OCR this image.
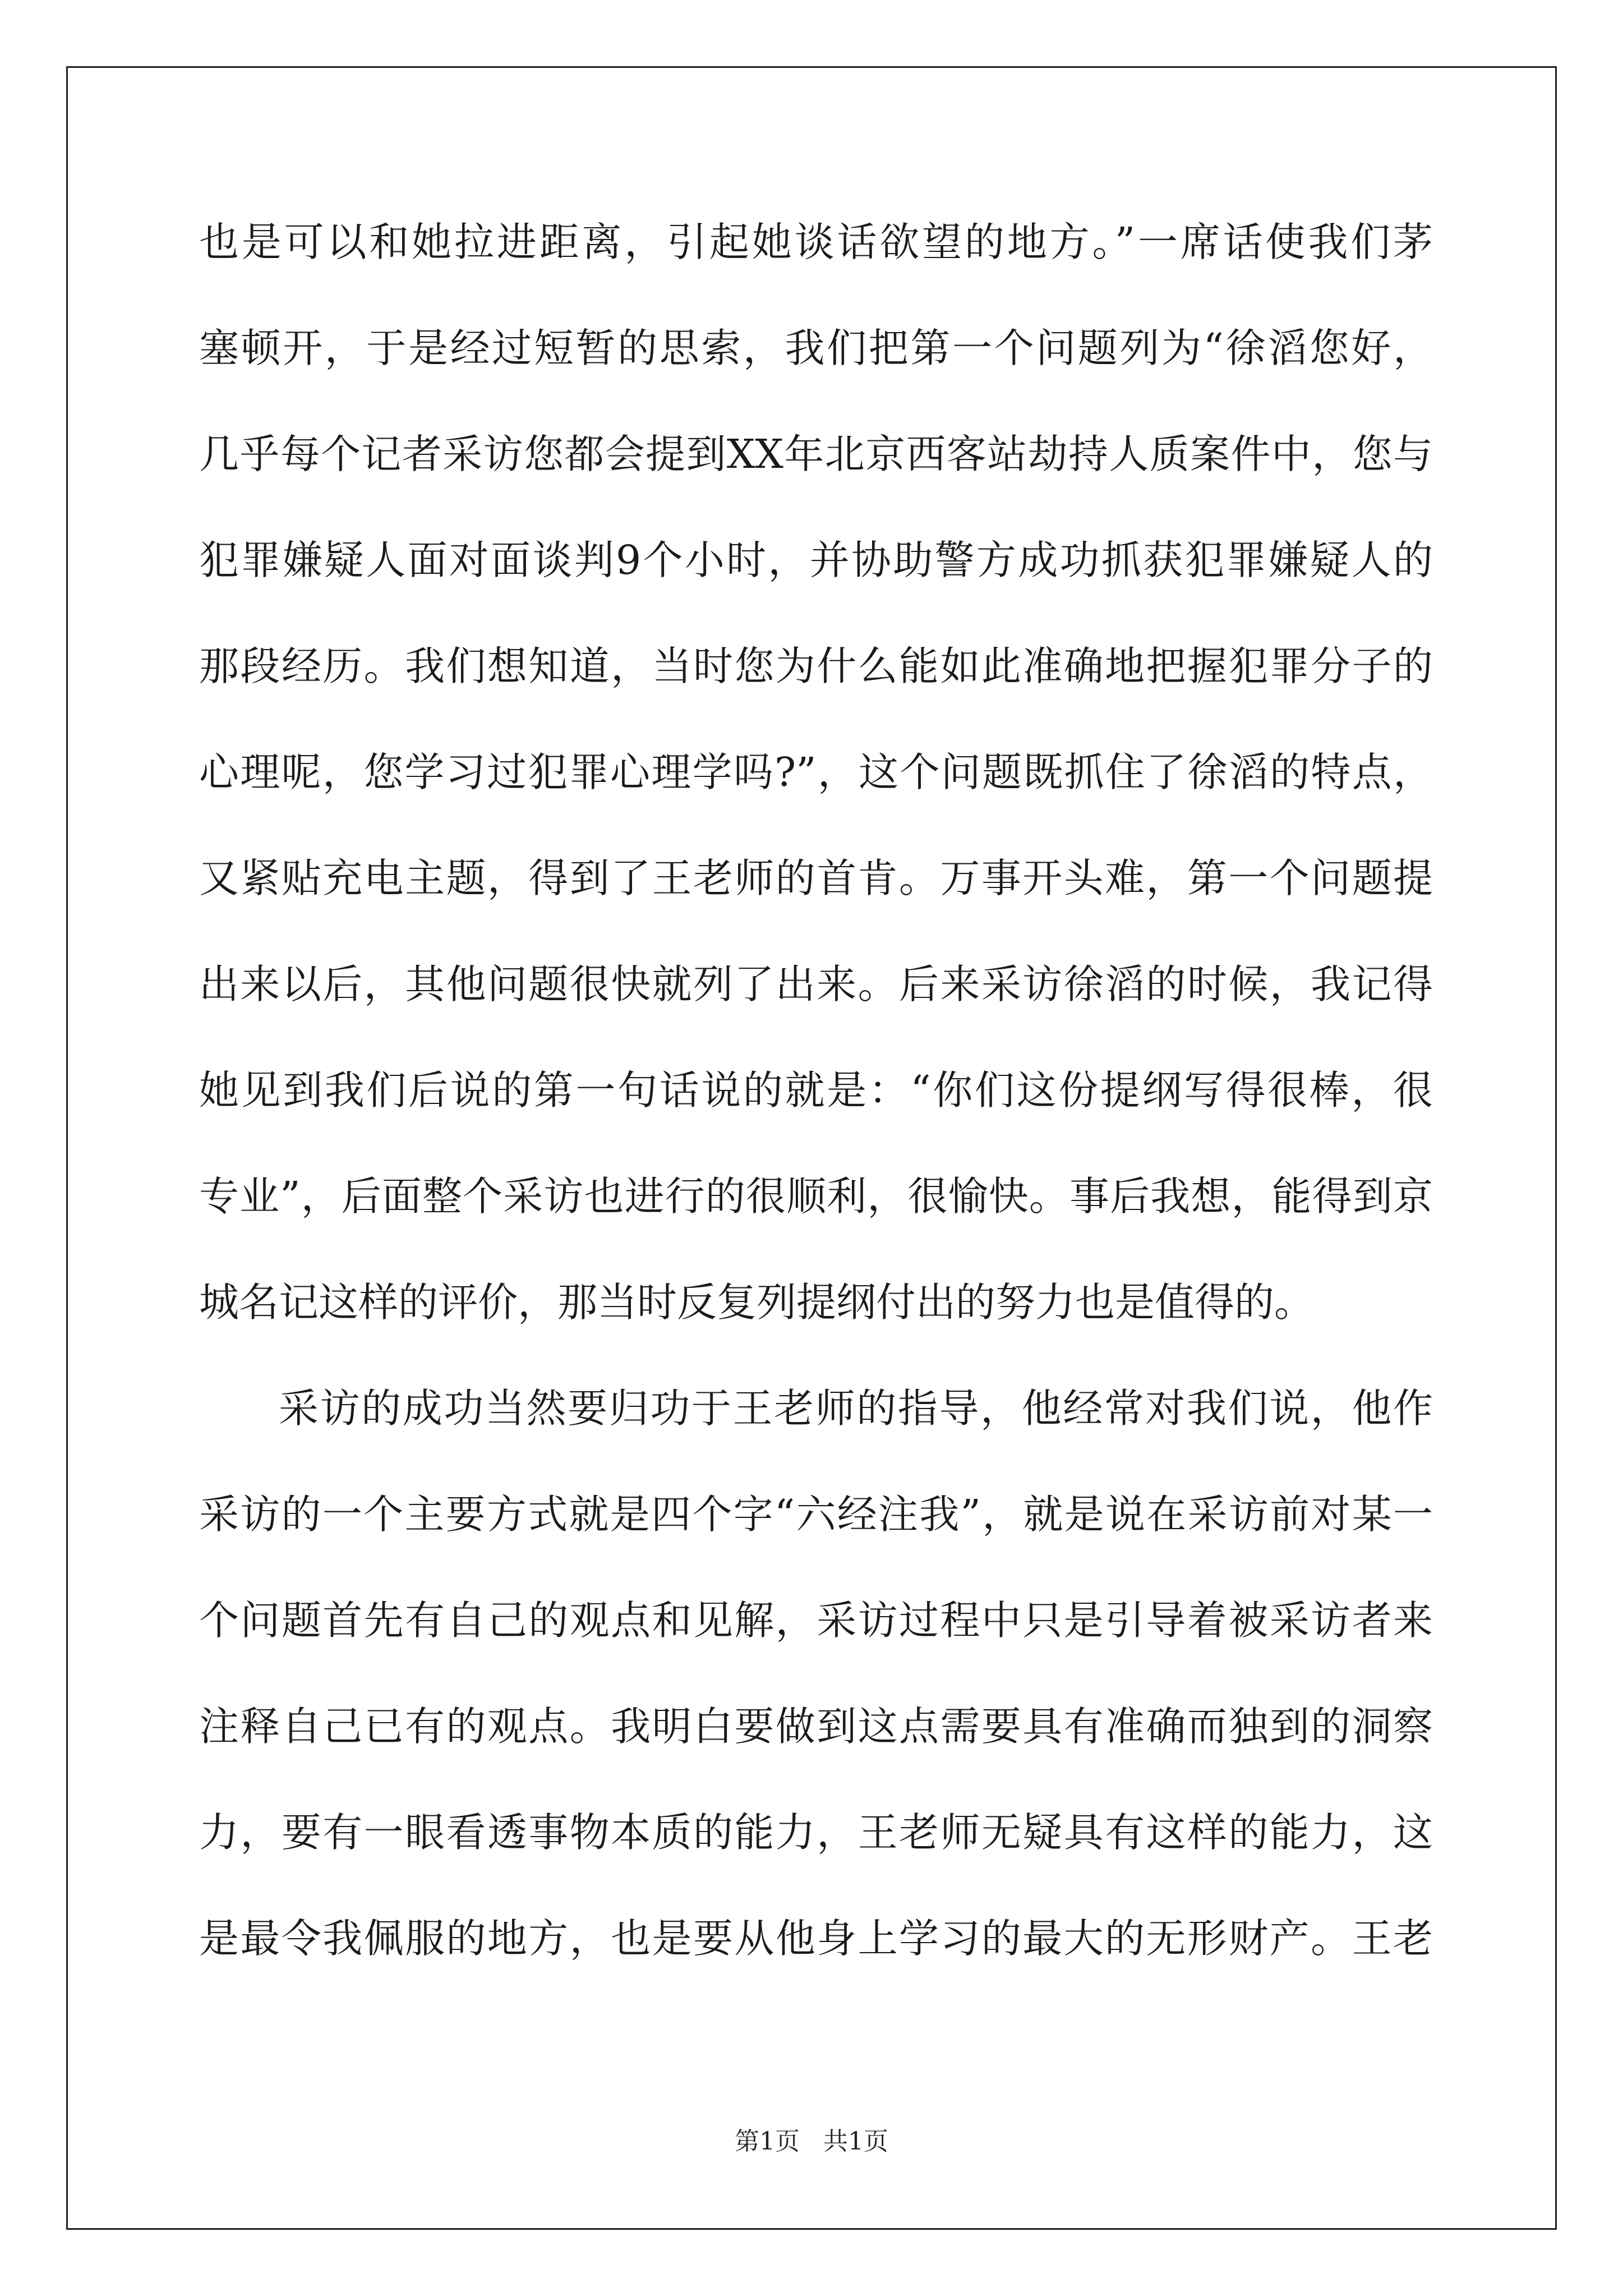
也是可以和她拉进距离，引起她谈话欲望的地方。”一席话使我们茅
塞顿开，于是经过短暂的思索，我们把第一个问题列为“徐滔您好，
几乎每个记者采访您都会提到XX年北京西客站劫持人质案件中，您与
犯罪嫌疑人面对面谈判9个小时，并协助警方成功抓获犯罪嫌疑人的
那段经历。我们想知道，当时您为什么能如此准确地把握犯罪分子的
心理呢，您学习过犯罪心理学吗?”，这个问题既抓住了徐滔的特点，
又紧贴充电主题，得到了王老师的首肯。万事开头难，第一个问题提
出来以后，其他问题很快就列了出来。后来采访徐滔的时候，我记得
她见到我们后说的第一句话说的就是：“你们这份提纲写得很棒，很
专业”，后面整个采访也进行的很顺利，很愉快。事后我想，能得到京
城名记这样的评价，那当时反复列提纲付出的努力也是值得的。
采访的成功当然要归功于王老师的指导，他经常对我们说，他作
采访的一个主要方式就是四个字“六经注我”，就是说在采访前对某一
个问题首先有自己的观点和见解，采访过程中只是引导着被采访者来
注释自己已有的观点。我明白要做到这点需要具有准确而独到的洞察
力，要有一眼看透事物本质的能力，王老师无疑具有这样的能力，这
是最令我佩服的地方，也是要从他身上学习的最大的无形财产。王老
第1页 共1页
